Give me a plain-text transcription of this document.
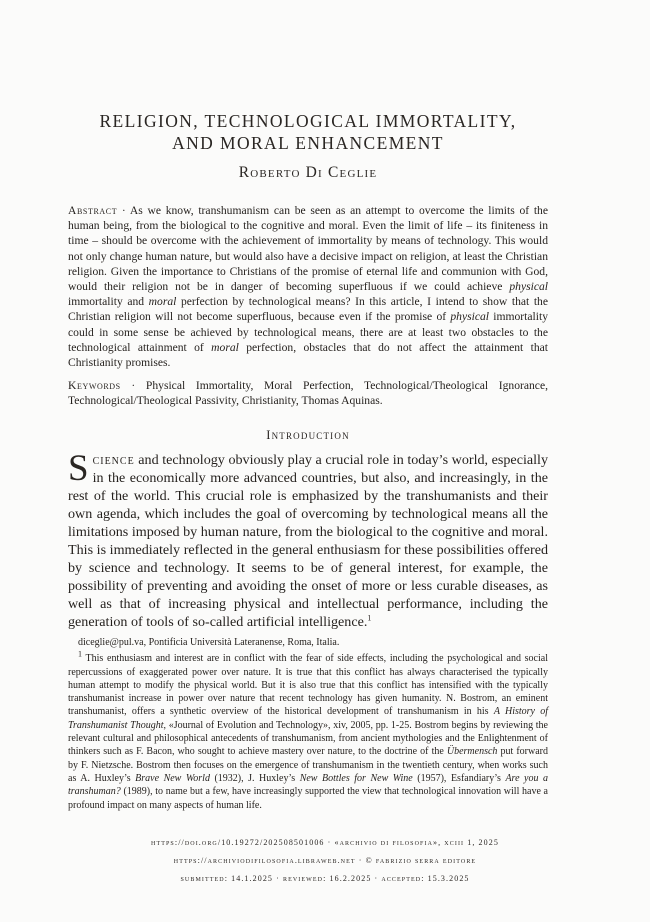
RELIGION, TECHNOLOGICAL IMMORTALITY,
AND MORAL ENHANCEMENT
Roberto Di Ceglie
Abstract · As we know, transhumanism can be seen as an attempt to overcome the limits of the human being, from the biological to the cognitive and moral. Even the limit of life – its finiteness in time – should be overcome with the achievement of immortality by means of technology. This would not only change human nature, but would also have a decisive impact on religion, at least the Christian religion. Given the importance to Christians of the promise of eternal life and communion with God, would their religion not be in danger of becoming superfluous if we could achieve physical immortality and moral perfection by technological means? In this article, I intend to show that the Christian religion will not become superfluous, because even if the promise of physical immortality could in some sense be achieved by technological means, there are at least two obstacles to the technological attainment of moral perfection, obstacles that do not affect the attainment that Christianity promises.
Keywords · Physical Immortality, Moral Perfection, Technological/Theological Ignorance, Technological/Theological Passivity, Christianity, Thomas Aquinas.
Introduction
Science and technology obviously play a crucial role in today’s world, especially in the economically more advanced countries, but also, and increasingly, in the rest of the world. This crucial role is emphasized by the transhumanists and their own agenda, which includes the goal of overcoming by technological means all the limitations imposed by human nature, from the biological to the cognitive and moral. This is immediately reflected in the general enthusiasm for these possibilities offered by science and technology. It seems to be of general interest, for example, the possibility of preventing and avoiding the onset of more or less curable diseases, as well as that of increasing physical and intellectual performance, including the generation of tools of so-called artificial intelligence.$^1$
diceglie@pul.va, Pontificia Università Lateranense, Roma, Italia.
$^1$ This enthusiasm and interest are in conflict with the fear of side effects, including the psychological and social repercussions of exaggerated power over nature. It is true that this conflict has always characterised the typically human attempt to modify the physical world. But it is also true that this conflict has intensified with the typically transhumanist increase in power over nature that recent technology has given humanity. N. Bostrom, an eminent transhumanist, offers a synthetic overview of the historical development of transhumanism in his A History of Transhumanist Thought, «Journal of Evolution and Technology», xiv, 2005, pp. 1-25. Bostrom begins by reviewing the relevant cultural and philosophical antecedents of transhumanism, from ancient mythologies and the Enlightenment of thinkers such as F. Bacon, who sought to achieve mastery over nature, to the doctrine of the Übermensch put forward by F. Nietzsche. Bostrom then focuses on the emergence of transhumanism in the twentieth century, when works such as A. Huxley’s Brave New World (1932), J. Huxley’s New Bottles for New Wine (1957), Esfandiary’s Are you a transhuman? (1989), to name but a few, have increasingly supported the view that technological innovation will have a profound impact on many aspects of human life.
https://doi.org/10.19272/202508501006 · «archivio di filosofia», xciii 1, 2025
https://archiviodifilosofia.libraweb.net · © fabrizio serra editore
submitted: 14.1.2025 · reviewed: 16.2.2025 · accepted: 15.3.2025
